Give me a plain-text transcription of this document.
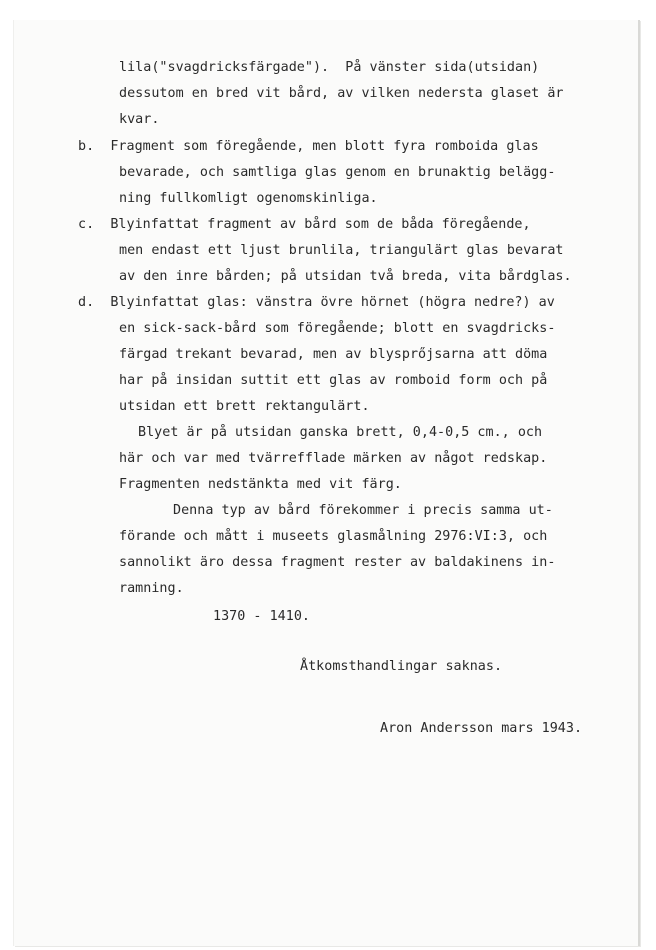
lila("svagdricksfärgade").  På vänster sida(utsidan)
dessutom en bred vit bård, av vilken nedersta glaset är
kvar.
b.  Fragment som föregående, men blott fyra romboida glas
bevarade, och samtliga glas genom en brunaktig belägg-
ning fullkomligt ogenomskinliga.
c.  Blyinfattat fragment av bård som de båda föregående,
men endast ett ljust brunlila, triangulärt glas bevarat
av den inre bården; på utsidan två breda, vita bårdglas.
d.  Blyinfattat glas: vänstra övre hörnet (högra nedre?) av
en sick-sack-bård som föregående; blott en svagdricks-
färgad trekant bevarad, men av blysprőjsarna att döma
har på insidan suttit ett glas av romboid form och på
utsidan ett brett rektangulärt.
Blyet är på utsidan ganska brett, 0,4-0,5 cm., och
här och var med tvärrefflade märken av något redskap.
Fragmenten nedstänkta med vit färg.
Denna typ av bård förekommer i precis samma ut-
förande och mått i museets glasmålning 2976:VI:3, och
sannolikt äro dessa fragment rester av baldakinens in-
ramning.
1370 - 1410.
Åtkomsthandlingar saknas.
Aron Andersson mars 1943.
